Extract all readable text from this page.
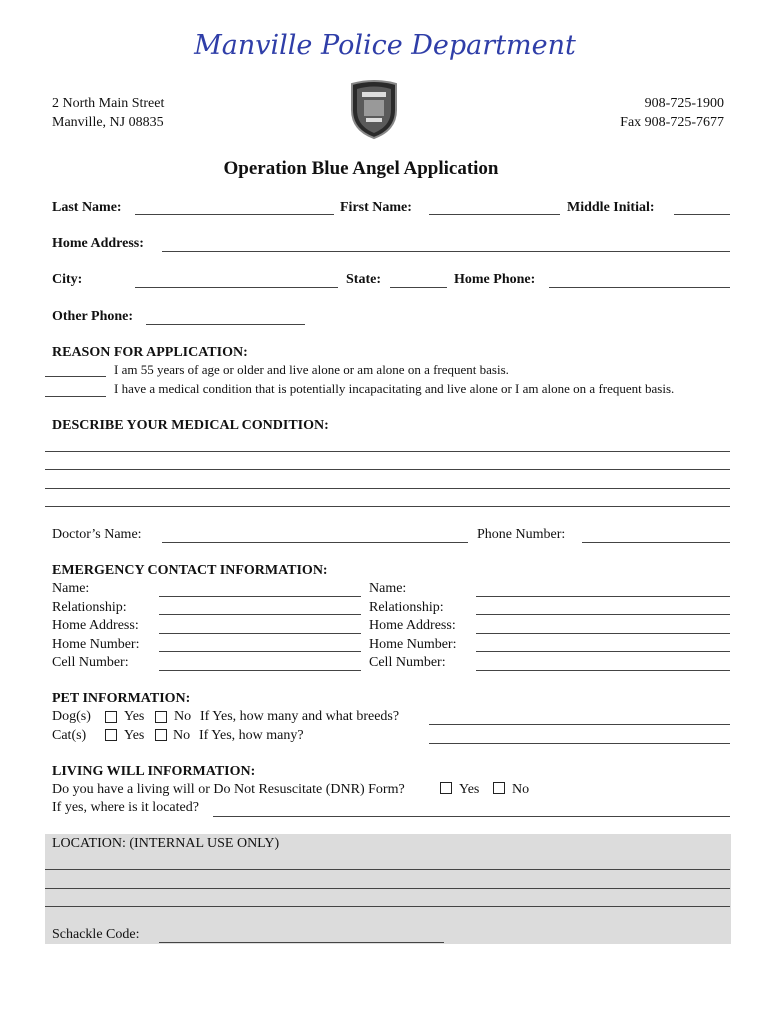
Manville Police Department
2 North Main Street
Manville, NJ 08835
908-725-1900
Fax 908-725-7677
Operation Blue Angel Application
Last Name:	First Name:	Middle Initial:
Home Address:
City:	State:	Home Phone:
Other Phone:
REASON FOR APPLICATION:
I am 55 years of age or older and live alone or am alone on a frequent basis.
I have a medical condition that is potentially incapacitating and live alone or I am alone on a frequent basis.
DESCRIBE YOUR MEDICAL CONDITION:
Doctor’s Name:	Phone Number:
EMERGENCY CONTACT INFORMATION:
Name:
Relationship:
Home Address:
Home Number:
Cell Number:
Name:
Relationship:
Home Address:
Home Number:
Cell Number:
PET INFORMATION:
Dog(s) Yes No If Yes, how many and what breeds?
Cat(s)	Yes No If Yes, how many?
LIVING WILL INFORMATION:
Do you have a living will or Do Not Resuscitate (DNR) Form?	Yes No
If yes, where is it located?
LOCATION: (INTERNAL USE ONLY)
Schackle Code:
